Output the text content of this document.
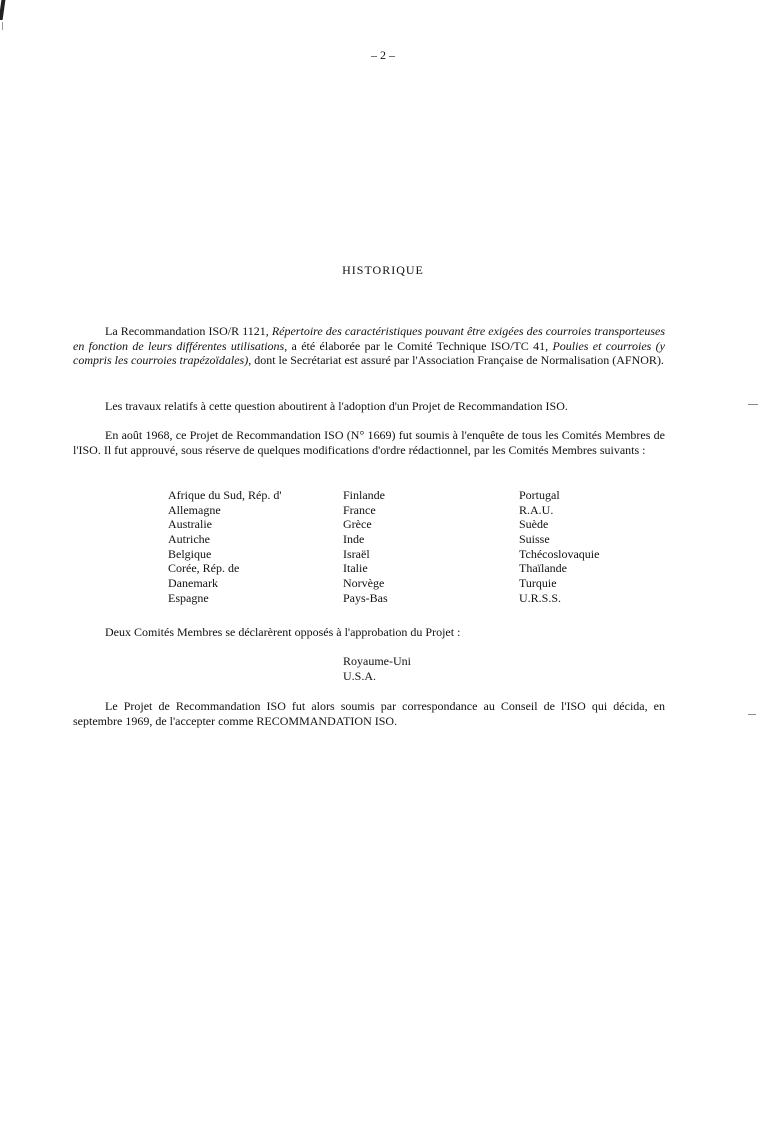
– 2 –
HISTORIQUE

La Recommandation ISO/R 1121, Répertoire des caractéristiques pouvant être exigées des courroies transporteuses en fonction de leurs différentes utilisations, a été élaborée par le Comité Technique ISO/TC 41, Poulies et courroies (y compris les courroies trapézoïdales), dont le Secrétariat est assuré par l'Association Française de Normalisation (AFNOR).

Les travaux relatifs à cette question aboutirent à l'adoption d'un Projet de Recommandation ISO.

En août 1968, ce Projet de Recommandation ISO (N° 1669) fut soumis à l'enquête de tous les Comités Membres de l'ISO. Il fut approuvé, sous réserve de quelques modifications d'ordre rédactionnel, par les Comités Membres suivants :

Afrique du Sud, Rép. d'
Allemagne
Australie
Autriche
Belgique
Corée, Rép. de
Danemark
Espagne
Finlande
France
Grèce
Inde
Israël
Italie
Norvège
Pays-Bas
Portugal
R.A.U.
Suède
Suisse
Tchécoslovaquie
Thaïlande
Turquie
U.R.S.S.

Deux Comités Membres se déclarèrent opposés à l'approbation du Projet :

Royaume-Uni
U.S.A.

Le Projet de Recommandation ISO fut alors soumis par correspondance au Conseil de l'ISO qui décida, en septembre 1969, de l'accepter comme RECOMMANDATION ISO.
